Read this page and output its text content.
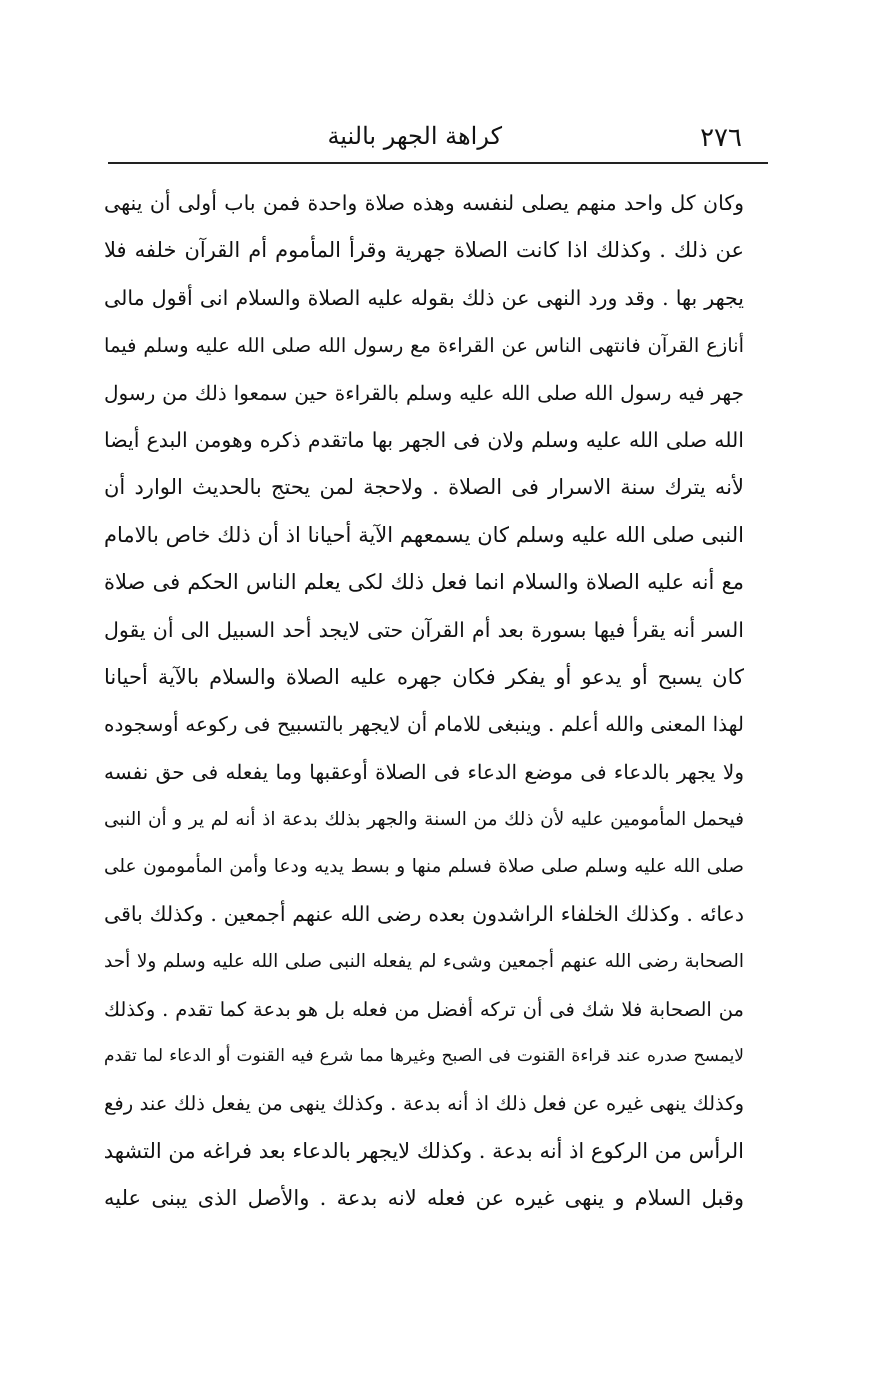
٢٧٦
كراهة الجهر بالنية
وكان كل واحد منهم يصلى لنفسه وهذه صلاة واحدة فمن باب أولى أن ينهى
عن ذلك . وكذلك اذا كانت الصلاة جهرية وقرأ المأموم أم القرآن خلفه فلا
يجهر بها . وقد ورد النهى عن ذلك بقوله عليه الصلاة والسلام انى أقول مالى
أنازع القرآن فانتهى الناس عن القراءة مع رسول الله صلى الله عليه وسلم فيما
جهر فيه رسول الله صلى الله عليه وسلم بالقراءة حين سمعوا ذلك من رسول
الله صلى الله عليه وسلم ولان فى الجهر بها ماتقدم ذكره وهومن البدع أيضا
لأنه يترك سنة الاسرار فى الصلاة . ولاحجة لمن يحتج بالحديث الوارد أن
النبى صلى الله عليه وسلم كان يسمعهم الآية أحيانا اذ أن ذلك خاص بالامام
مع أنه عليه الصلاة والسلام انما فعل ذلك لكى يعلم الناس الحكم فى صلاة
السر أنه يقرأ فيها بسورة بعد أم القرآن حتى لايجد أحد السبيل الى أن يقول
كان يسبح أو يدعو أو يفكر فكان جهره عليه الصلاة والسلام بالآية أحيانا
لهذا المعنى والله أعلم . وينبغى للامام أن لايجهر بالتسبيح فى ركوعه أوسجوده
ولا يجهر بالدعاء فى موضع الدعاء فى الصلاة أوعقبها وما يفعله فى حق نفسه
فيحمل المأمومين عليه لأن ذلك من السنة والجهر بذلك بدعة اذ أنه لم ير و أن النبى
صلى الله عليه وسلم صلى صلاة فسلم منها و بسط يديه ودعا وأمن المأمومون على
دعائه . وكذلك الخلفاء الراشدون بعده رضى الله عنهم أجمعين . وكذلك باقى
الصحابة رضى الله عنهم أجمعين وشىء لم يفعله النبى صلى الله عليه وسلم ولا أحد
من الصحابة فلا شك فى أن تركه أفضل من فعله بل هو بدعة كما تقدم . وكذلك
لايمسح صدره عند قراءة القنوت فى الصبح وغيرها مما شرع فيه القنوت أو الدعاء لما تقدم
وكذلك ينهى غيره عن فعل ذلك اذ أنه بدعة . وكذلك ينهى من يفعل ذلك عند رفع
الرأس من الركوع اذ أنه بدعة . وكذلك لايجهر بالدعاء بعد فراغه من التشهد
وقبل السلام و ينهى غيره عن فعله لانه بدعة . والأصل الذى يبنى عليه
